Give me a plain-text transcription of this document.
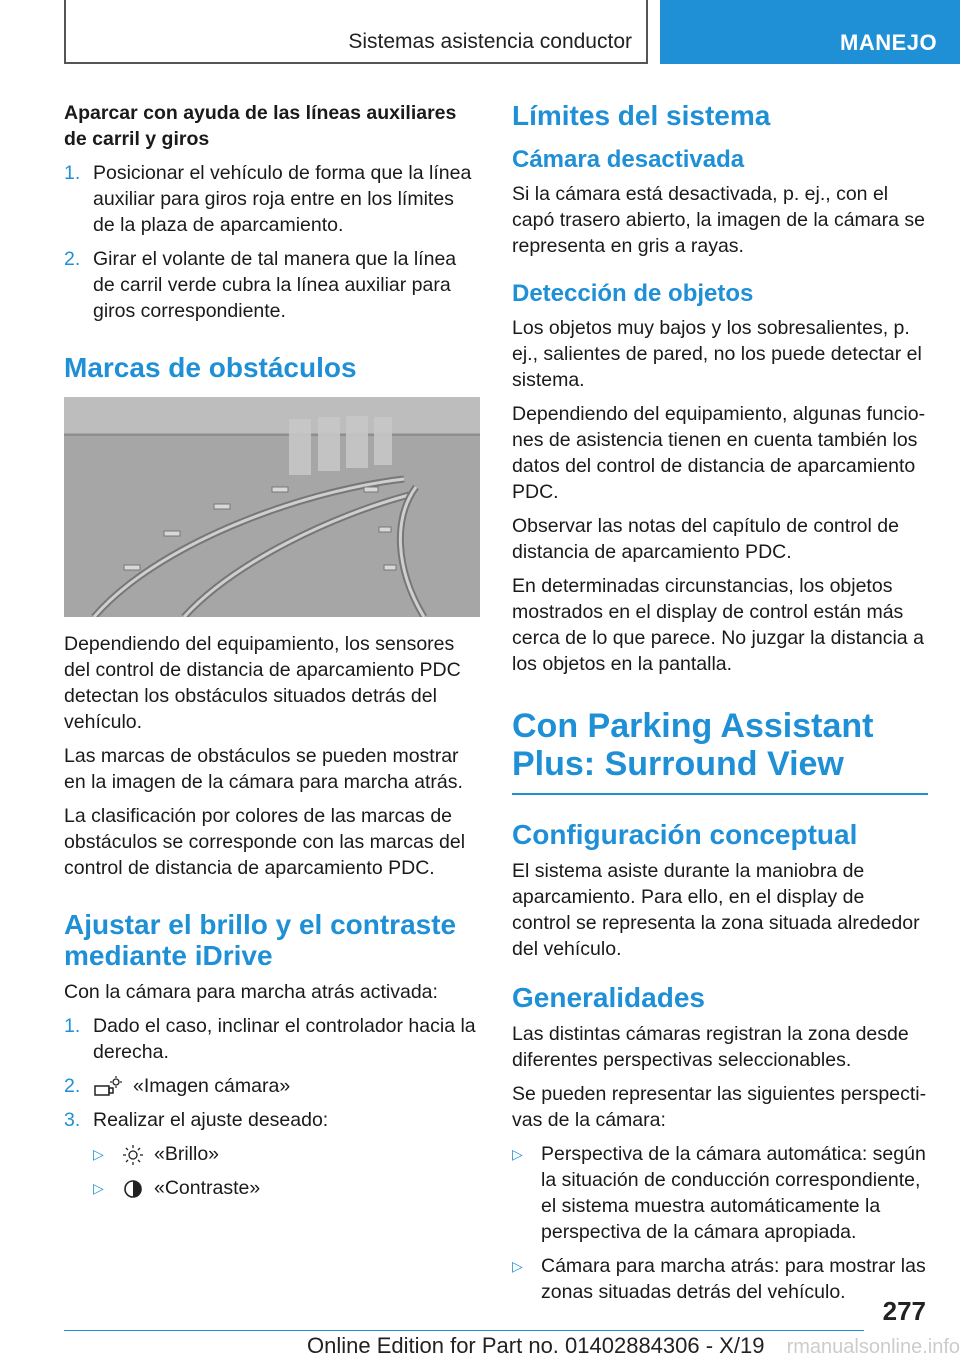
Sistemas asistencia conductor	MANEJO
Aparcar con ayuda de las líneas auxiliares de carril y giros
1. Posicionar el vehículo de forma que la línea auxiliar para giros roja entre en los límites de la plaza de aparcamiento.
2. Girar el volante de tal manera que la línea de carril verde cubra la línea auxiliar para giros correspondiente.
Marcas de obstáculos

Dependiendo del equipamiento, los sensores del control de distancia de aparcamiento PDC detectan los obstáculos situados detrás del vehículo.

Las marcas de obstáculos se pueden mostrar en la imagen de la cámara para marcha atrás.

La clasificación por colores de las marcas de obstáculos se corresponde con las marcas del control de distancia de aparcamiento PDC.

Ajustar el brillo y el contraste mediante iDrive

Con la cámara para marcha atrás activada:

1. Dado el caso, inclinar el controlador hacia la derecha.
2.	«Imagen cámara»
3. Realizar el ajuste deseado:
▷	«Brillo»
▷	«Contraste»
Límites del sistema
Cámara desactivada

Si la cámara está desactivada, p. ej., con el capó trasero abierto, la imagen de la cámara se representa en gris a rayas.

Detección de objetos

Los objetos muy bajos y los sobresalientes, p. ej., salientes de pared, no los puede detectar el sistema.

Dependiendo del equipamiento, algunas funciones de asistencia tienen en cuenta también los datos del control de distancia de aparcamiento PDC.

Observar las notas del capítulo de control de distancia de aparcamiento PDC.

En determinadas circunstancias, los objetos mostrados en el display de control están más cerca de lo que parece. No juzgar la distancia a los objetos en la pantalla.

Con Parking Assistant
Plus: Surround View
Configuración conceptual

El sistema asiste durante la maniobra de aparcamiento. Para ello, en el display de control se representa la zona situada alrededor del vehículo.

Generalidades

Las distintas cámaras registran la zona desde diferentes perspectivas seleccionables.

Se pueden representar las siguientes perspectivas de la cámara:

▷ Perspectiva de la cámara automática: según la situación de conducción correspondiente, el sistema muestra automáticamente la perspectiva de la cámara apropiada.
▷ Cámara para marcha atrás: para mostrar las zonas situadas detrás del vehículo.
277
Online Edition for Part no. 01402884306 - X/19 rmanualsonline.info
